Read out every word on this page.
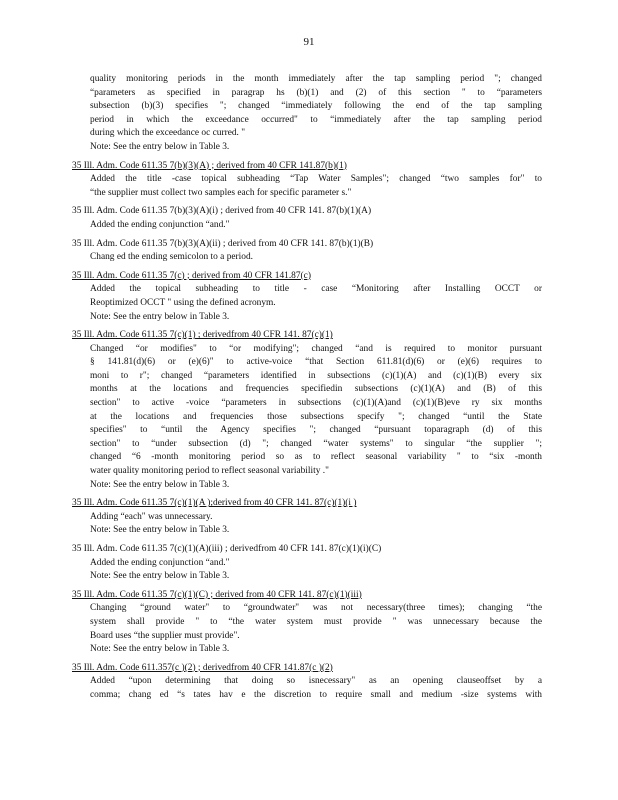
91
quality monitoring periods in the month immediately after the tap sampling period "; changed
“parameters as specified in paragrap hs (b)(1) and (2) of this section " to “parameters
subsection (b)(3) specifies "; changed “immediately following the end of the tap sampling
period in which the exceedance occurred" to “immediately after the tap sampling period
during which the exceedance oc curred. "
Note: See the entry below in Table 3.
35 Ill. Adm. Code 611.35 7(b)(3)(A) ; derived from 40 CFR 141.87(b)(1)
Added the title -case topical subheading “Tap Water Samples"; changed “two samples for" to
“the supplier must collect two samples each for specific parameter s."
35 Ill. Adm. Code 611.35 7(b)(3)(A)(i) ; derived from 40 CFR 141. 87(b)(1)(A)
Added the ending conjunction “and."
35 Ill. Adm. Code 611.35 7(b)(3)(A)(ii) ; derived from 40 CFR 141. 87(b)(1)(B)
Chang ed the ending semicolon to a period.
35 Ill. Adm. Code 611.35 7(c) ; derived from 40 CFR 141.87(c)
Added the topical subheading to title - case “Monitoring after Installing OCCT or
Reoptimized OCCT " using the defined acronym.
Note: See the entry below in Table 3.
35 Ill. Adm. Code 611.35 7(c)(1) ; derivedfrom 40 CFR 141. 87(c)(1)
Changed “or modifies" to “or modifying"; changed “and is required to monitor pursuant
§ 141.81(d)(6) or (e)(6)" to active-voice “that Section 611.81(d)(6) or (e)(6) requires to
moni to r"; changed “parameters identified in subsections (c)(1)(A) and (c)(1)(B) every six
months at the locations and frequencies specifiedin subsections (c)(1)(A) and (B) of this
section" to active -voice “parameters in subsections (c)(1)(A)and (c)(1)(B)eve ry six months
at the locations and frequencies those subsections specify "; changed “until the State
specifies" to “until the Agency specifies "; changed “pursuant toparagraph (d) of this
section" to “under subsection (d) "; changed “water systems" to singular “the supplier ";
changed “6 -month monitoring period so as to reflect seasonal variability " to “six -month
water quality monitoring period to reflect seasonal variability ."
Note: See the entry below in Table 3.
35 Ill. Adm. Code 611.35 7(c)(1)(A );derived from 40 CFR 141. 87(c)(1)(i )
Adding “each" was unnecessary.
Note: See the entry below in Table 3.
35 Ill. Adm. Code 611.35 7(c)(1)(A)(iii) ; derivedfrom 40 CFR 141. 87(c)(1)(i)(C)
Added the ending conjunction “and."
Note: See the entry below in Table 3.
35 Ill. Adm. Code 611.35 7(c)(1)(C) ; derived from 40 CFR 141. 87(c)(1)(iii)
Changing “ground water" to “groundwater" was not necessary(three times); changing “the
system shall provide " to “the water system must provide " was unnecessary because the
Board uses “the supplier must provide".
Note: See the entry below in Table 3.
35 Ill. Adm. Code 611.357(c )(2) ; derivedfrom 40 CFR 141.87(c )(2)
Added “upon determining that doing so isnecessary" as an opening clauseoffset by a
comma; chang ed “s tates hav e the discretion to require small and medium -size systems with
